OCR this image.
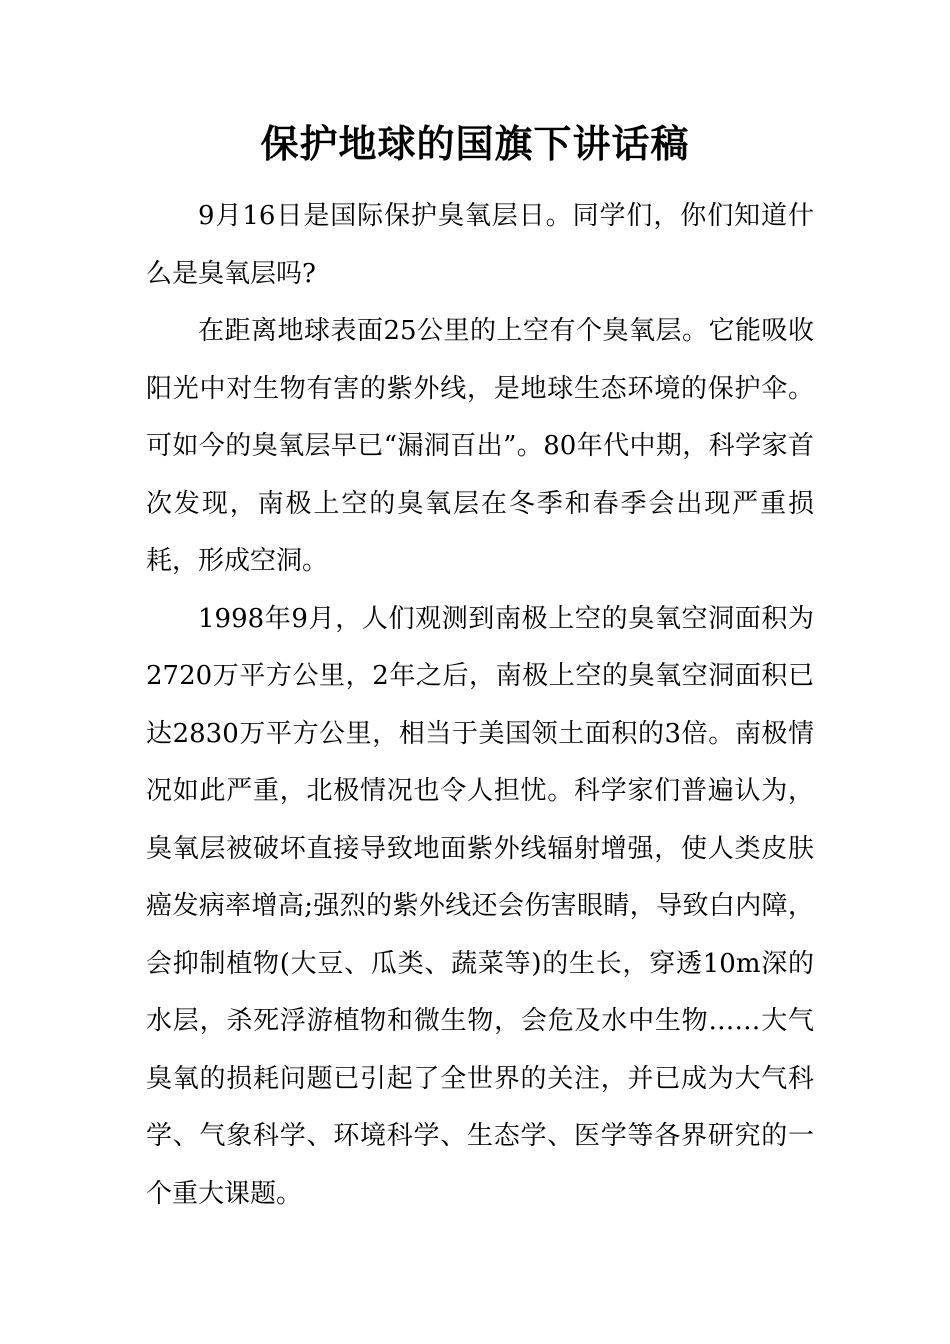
保护地球的国旗下讲话稿

9月16日是国际保护臭氧层日。同学们，你们知道什么是臭氧层吗?

在距离地球表面25公里的上空有个臭氧层。它能吸收阳光中对生物有害的紫外线，是地球生态环境的保护伞。可如今的臭氧层早已“漏洞百出”。80年代中期，科学家首次发现，南极上空的臭氧层在冬季和春季会出现严重损耗，形成空洞。

1998年9月，人们观测到南极上空的臭氧空洞面积为2720万平方公里，2年之后，南极上空的臭氧空洞面积已达2830万平方公里，相当于美国领土面积的3倍。南极情况如此严重，北极情况也令人担忧。科学家们普遍认为，臭氧层被破坏直接导致地面紫外线辐射增强，使人类皮肤癌发病率增高;强烈的紫外线还会伤害眼睛，导致白内障，会抑制植物(大豆、瓜类、蔬菜等)的生长，穿透10m深的水层，杀死浮游植物和微生物，会危及水中生物……大气臭氧的损耗问题已引起了全世界的关注，并已成为大气科学、气象科学、环境科学、生态学、医学等各界研究的一个重大课题。
